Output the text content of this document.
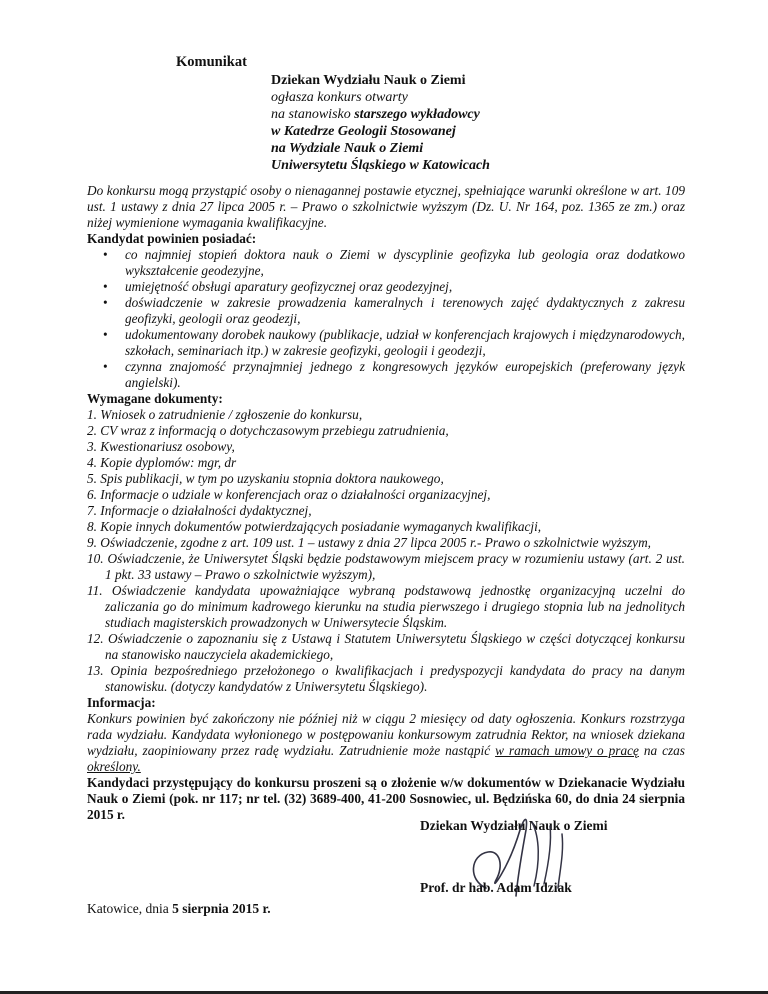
Komunikat
Dziekan Wydziału Nauk o Ziemi
ogłasza konkurs otwarty
na stanowisko starszego wykładowcy
w Katedrze Geologii Stosowanej
na Wydziale Nauk o Ziemi
Uniwersytetu Śląskiego w Katowicach

Do konkursu mogą przystąpić osoby o nienagannej postawie etycznej, spełniające warunki określone w art. 109 ust. 1 ustawy z dnia 27 lipca 2005 r. – Prawo o szkolnictwie wyższym (Dz. U. Nr 164, poz. 1365 ze zm.) oraz niżej wymienione wymagania kwalifikacyjne.

Kandydat powinien posiadać:

• co najmniej stopień doktora nauk o Ziemi w dyscyplinie geofizyka lub geologia oraz dodatkowo wykształcenie geodezyjne,
• umiejętność obsługi aparatury geofizycznej oraz geodezyjnej,
• doświadczenie w zakresie prowadzenia kameralnych i terenowych zajęć dydaktycznych z zakresu geofizyki, geologii oraz geodezji,
• udokumentowany dorobek naukowy (publikacje, udział w konferencjach krajowych i międzynarodowych, szkołach, seminariach itp.) w zakresie geofizyki, geologii i geodezji,
• czynna znajomość przynajmniej jednego z kongresowych języków europejskich (preferowany język angielski).

Wymagane dokumenty:

1. Wniosek o zatrudnienie / zgłoszenie do konkursu,
2. CV wraz z informacją o dotychczasowym przebiegu zatrudnienia,
3. Kwestionariusz osobowy,
4. Kopie dyplomów: mgr, dr
5. Spis publikacji, w tym po uzyskaniu stopnia doktora naukowego,
6. Informacje o udziale w konferencjach oraz o działalności organizacyjnej,
7. Informacje o działalności dydaktycznej,
8. Kopie innych dokumentów potwierdzających posiadanie wymaganych kwalifikacji,
9. Oświadczenie, zgodne z art. 109 ust. 1 – ustawy z dnia 27 lipca 2005 r.- Prawo o szkolnictwie wyższym,
10. Oświadczenie, że Uniwersytet Śląski będzie podstawowym miejscem pracy w rozumieniu ustawy (art. 2 ust. 1 pkt. 33 ustawy – Prawo o szkolnictwie wyższym),
11. Oświadczenie kandydata upoważniające wybraną podstawową jednostkę organizacyjną uczelni do zaliczania go do minimum kadrowego kierunku na studia pierwszego i drugiego stopnia lub na jednolitych studiach magisterskich prowadzonych w Uniwersytecie Śląskim.
12. Oświadczenie o zapoznaniu się z Ustawą i Statutem Uniwersytetu Śląskiego w części dotyczącej konkursu na stanowisko nauczyciela akademickiego,
13. Opinia bezpośredniego przełożonego o kwalifikacjach i predyspozycji kandydata do pracy na danym stanowisku. (dotyczy kandydatów z Uniwersytetu Śląskiego).

Informacja:

Konkurs powinien być zakończony nie później niż w ciągu 2 miesięcy od daty ogłoszenia. Konkurs rozstrzyga rada wydziału. Kandydata wyłonionego w postępowaniu konkursowym zatrudnia Rektor, na wniosek dziekana wydziału, zaopiniowany przez radę wydziału. Zatrudnienie może nastąpić w ramach umowy o pracę na czas określony.

Kandydaci przystępujący do konkursu proszeni są o złożenie w/w dokumentów w Dziekanacie Wydziału Nauk o Ziemi (pok. nr 117; nr tel. (32) 3689-400, 41-200 Sosnowiec, ul. Będzińska 60, do dnia 24 sierpnia 2015 r.

Dziekan Wydziału Nauk o Ziemi
Prof. dr hab. Adam Idziak
Katowice, dnia 5 sierpnia 2015 r.
